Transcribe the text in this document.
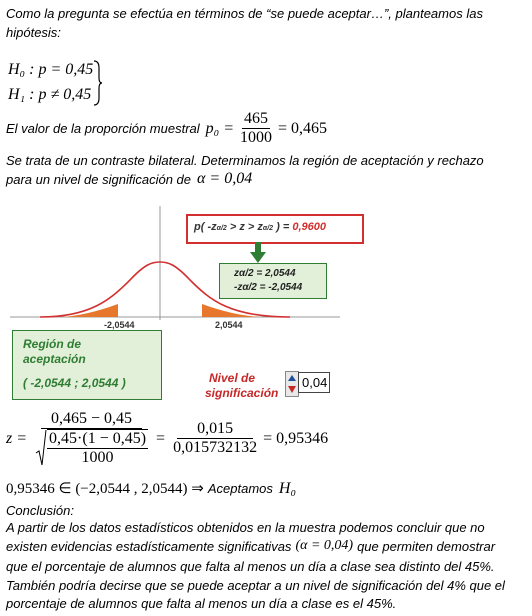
Como la pregunta se efectúa en términos de “se puede aceptar…”, planteamos las
hipótesis:
H₀ : p = 0,45
H₁ : p ≠ 0,45
El valor de la proporción muestral $p_0 = \frac{465}{1000} = 0,465$
Se trata de un contraste bilateral. Determinamos la región de aceptación y rechazo
para un nivel de significación de α = 0,04
-2,0544	2,0544
p( -zα/2 > z > zα/2 ) = 0,9600
zα/2 = 2,0544
-zα/2 = -2,0544
Región de
aceptación
( -2,0544 ; 2,0544 )	Nivel de
significación
0,04
$z = \frac{0,465 - 0,45}{\frac{0,45\cdot(1 - 0,45)}{1000}} = \frac{0,015}{0,015732132} = 0,95346$
0,95346 ∈ (−2,0544 , 2,0544) ⇒ Aceptamos H₀
Conclusión:
A partir de los datos estadísticos obtenidos en la muestra podemos concluir que no
existen evidencias estadísticamente significativas (α = 0,04) que permiten demostrar
que el porcentaje de alumnos que falta al menos un día a clase sea distinto del 45%.
También podría decirse que se puede aceptar a un nivel de significación del 4% que el
porcentaje de alumnos que falta al menos un día a clase es el 45%.
